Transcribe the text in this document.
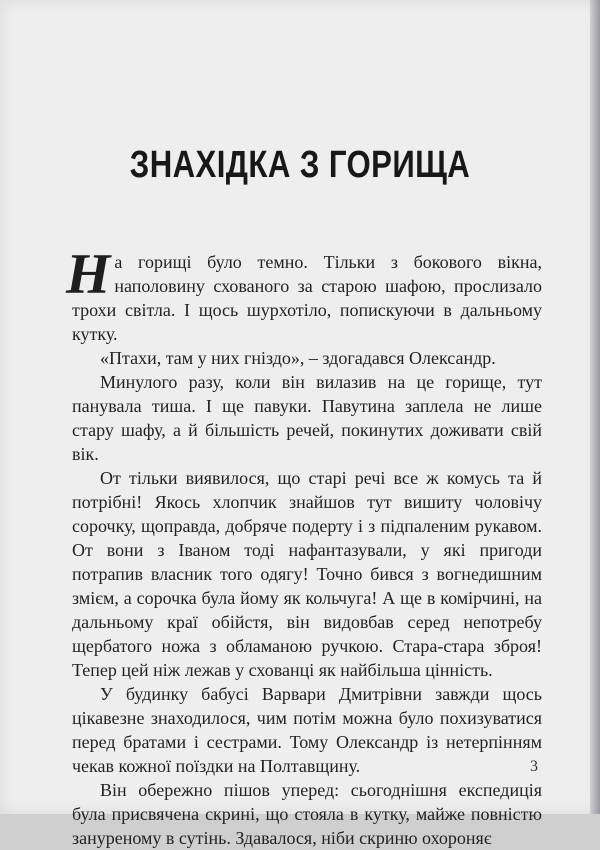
ЗНАХІДКА З ГОРИЩА

На горищі було темно. Тільки з бокового вікна, наполовину схованого за старою шафою, прослизало трохи світла. І щось шурхотіло, попискуючи в дальньому кутку.

«Птахи, там у них гніздо», – здогадався Олександр.

Минулого разу, коли він вилазив на це горище, тут панувала тиша. І ще павуки. Павутина заплела не лише стару шафу, а й більшість речей, покинутих доживати свій вік.

От тільки виявилося, що старі речі все ж комусь та й потрібні! Якось хлопчик знайшов тут вишиту чоловічу сорочку, щоправда, добряче подерту і з підпаленим рукавом. От вони з Іваном тоді нафантазували, у які пригоди потрапив власник того одягу! Точно бився з вогнедишним змієм, а сорочка була йому як кольчуга! А ще в комірчині, на дальньому краї обійстя, він видовбав серед непотребу щербатого ножа з обламаною ручкою. Стара-стара зброя! Тепер цей ніж лежав у схованці як найбільша цінність.

У будинку бабусі Варвари Дмитрівни завжди щось цікавезне знаходилося, чим потім можна було похизуватися перед братами і сестрами. Тому Олександр із нетерпінням чекав кожної поїздки на Полтавщину.

Він обережно пішов уперед: сьогоднішня експедиція була присвячена скрині, що стояла в кутку, майже повністю зануреному в сутінь. Здавалося, ніби скриню охороняє

3
